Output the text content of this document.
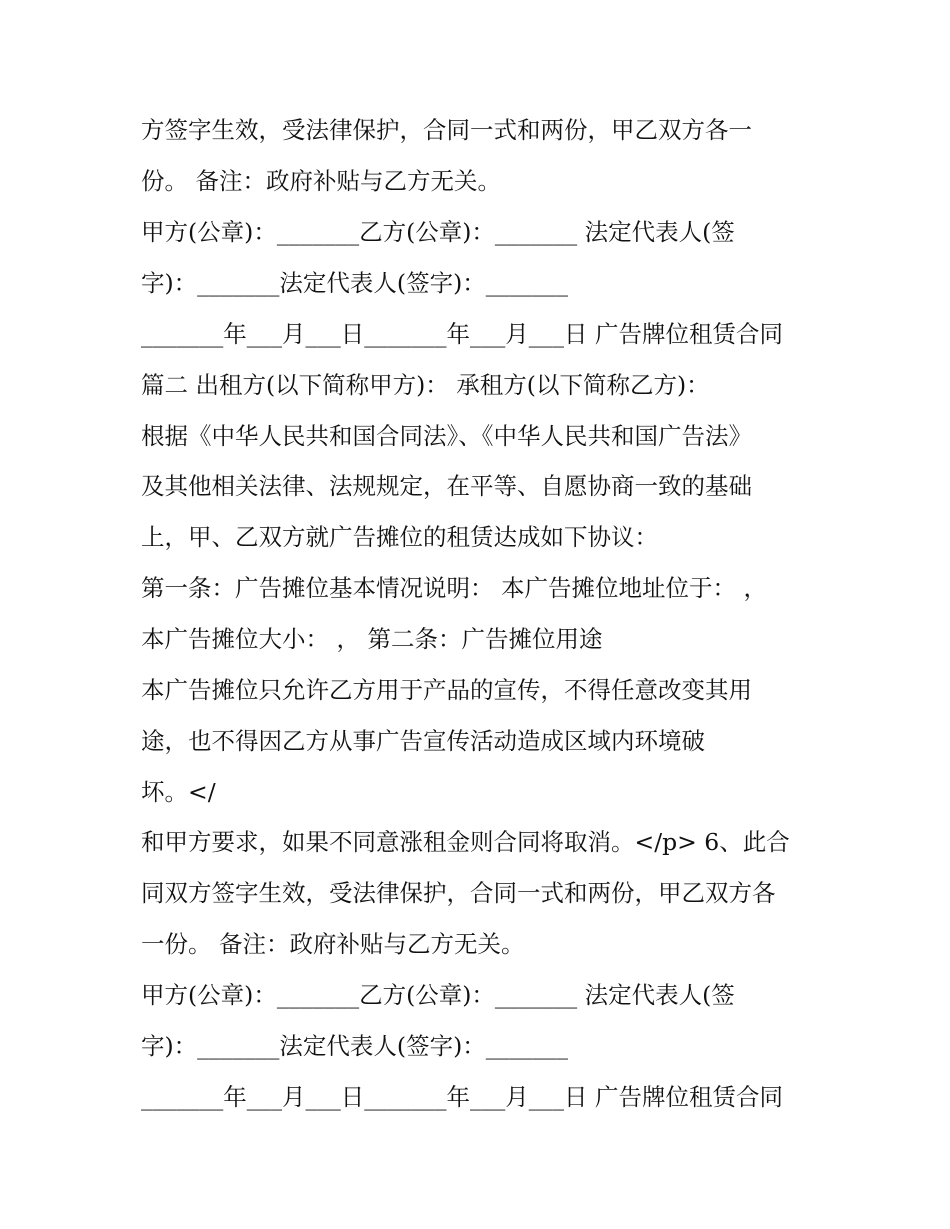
方签字生效，受法律保护，合同一式和两份，甲乙双方各一
份。 备注：政府补贴与乙方无关。
甲方(公章)：_______乙方(公章)：_______ 法定代表人(签
字)：_______法定代表人(签字)：_______
_______年___月___日_______年___月___日 广告牌位租赁合同
篇二 出租方(以下简称甲方)： 承租方(以下简称乙方)：
根据《中华人民共和国合同法》、《中华人民共和国广告法》
及其他相关法律、法规规定，在平等、自愿协商一致的基础
上，甲、乙双方就广告摊位的租赁达成如下协议：
第一条：广告摊位基本情况说明： 本广告摊位地址位于： ，
本广告摊位大小： ， 第二条：广告摊位用途
本广告摊位只允许乙方用于产品的宣传，不得任意改变其用
途，也不得因乙方从事广告宣传活动造成区域内环境破
坏。</
和甲方要求，如果不同意涨租金则合同将取消。</p> 6、此合
同双方签字生效，受法律保护，合同一式和两份，甲乙双方各
一份。 备注：政府补贴与乙方无关。
甲方(公章)：_______乙方(公章)：_______ 法定代表人(签
字)：_______法定代表人(签字)：_______
_______年___月___日_______年___月___日 广告牌位租赁合同
